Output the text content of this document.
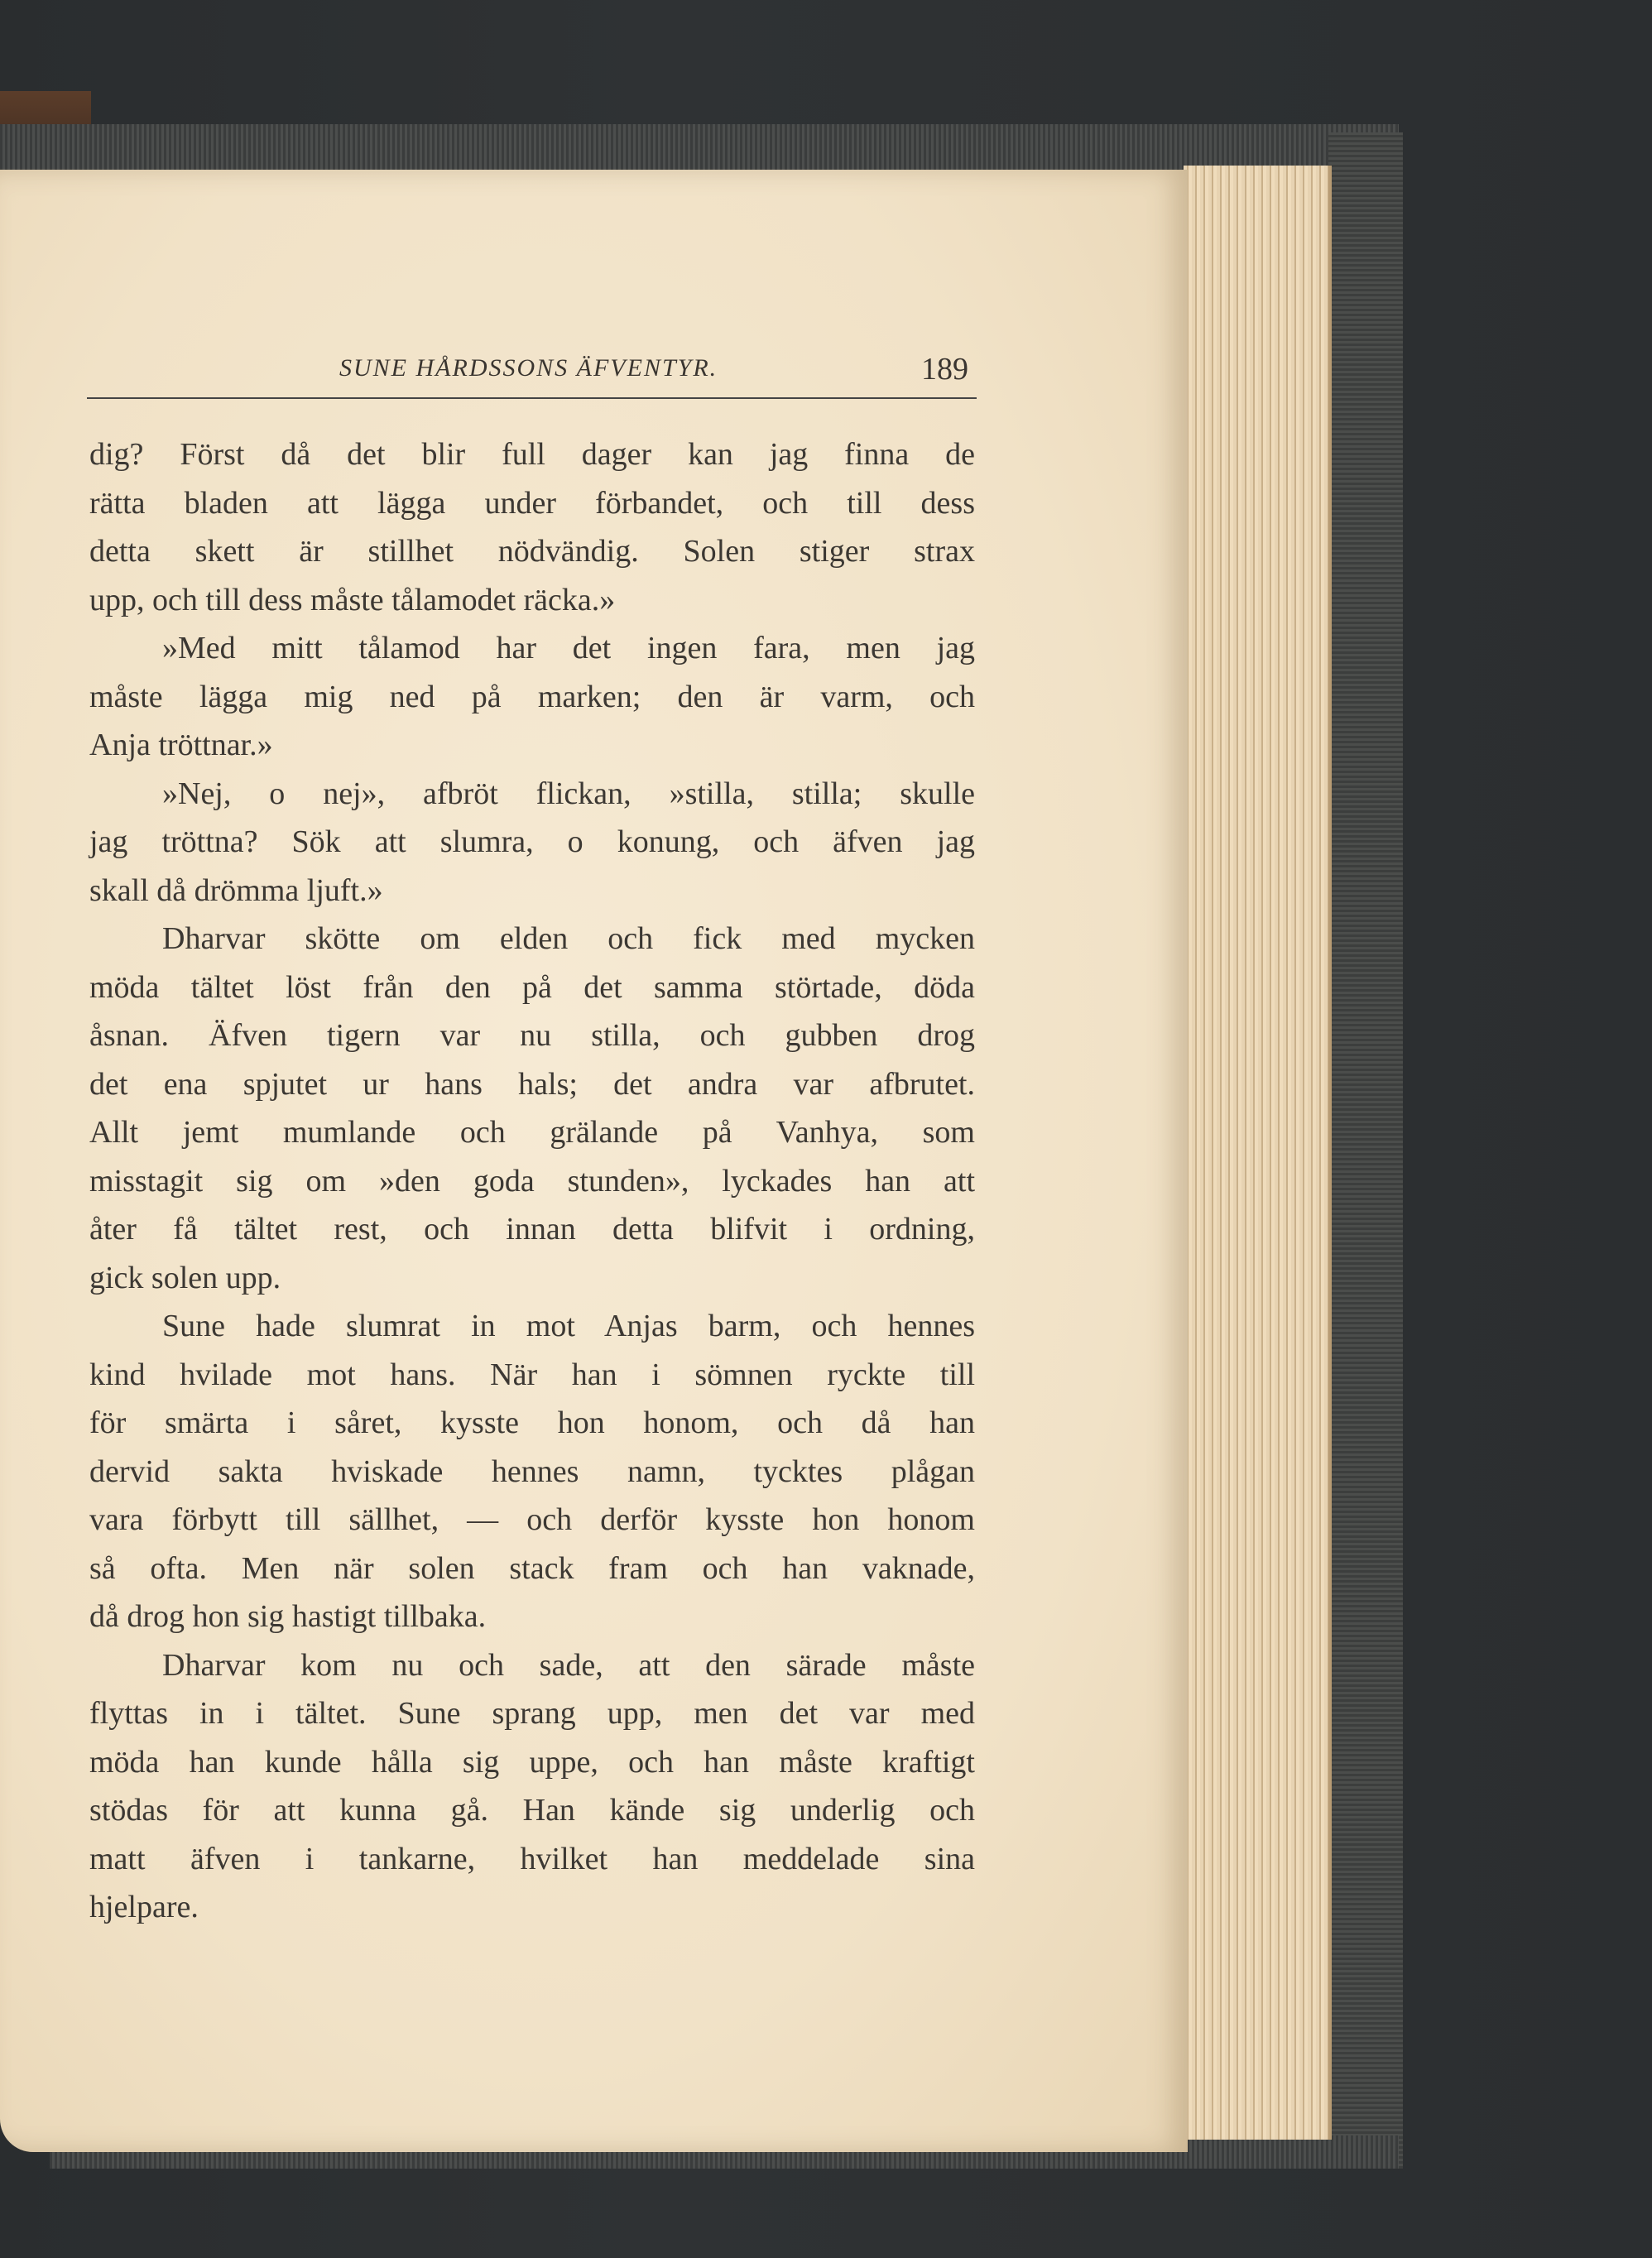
SUNE HÅRDSSONS ÄFVENTYR.	189
dig? Först då det blir full dager kan jag finna de
rätta bladen att lägga under förbandet, och till dess
detta skett är stillhet nödvändig. Solen stiger strax
upp, och till dess måste tålamodet räcka.»
»Med mitt tålamod har det ingen fara, men jag
måste lägga mig ned på marken; den är varm, och
Anja tröttnar.»
»Nej, o nej», afbröt flickan, »stilla, stilla; skulle
jag tröttna? Sök att slumra, o konung, och äfven jag
skall då drömma ljuft.»
Dharvar skötte om elden och fick med mycken
möda tältet löst från den på det samma störtade, döda
åsnan. Äfven tigern var nu stilla, och gubben drog
det ena spjutet ur hans hals; det andra var afbrutet.
Allt jemt mumlande och grälande på Vanhya, som
misstagit sig om »den goda stunden», lyckades han att
åter få tältet rest, och innan detta blifvit i ordning,
gick solen upp.
Sune hade slumrat in mot Anjas barm, och hennes
kind hvilade mot hans. När han i sömnen ryckte till
för smärta i såret, kysste hon honom, och då han
dervid sakta hviskade hennes namn, tycktes plågan
vara förbytt till sällhet, — och derför kysste hon honom
så ofta. Men när solen stack fram och han vaknade,
då drog hon sig hastigt tillbaka.
Dharvar kom nu och sade, att den särade måste
flyttas in i tältet. Sune sprang upp, men det var med
möda han kunde hålla sig uppe, och han måste kraftigt
stödas för att kunna gå. Han kände sig underlig och
matt äfven i tankarne, hvilket han meddelade sina
hjelpare.
